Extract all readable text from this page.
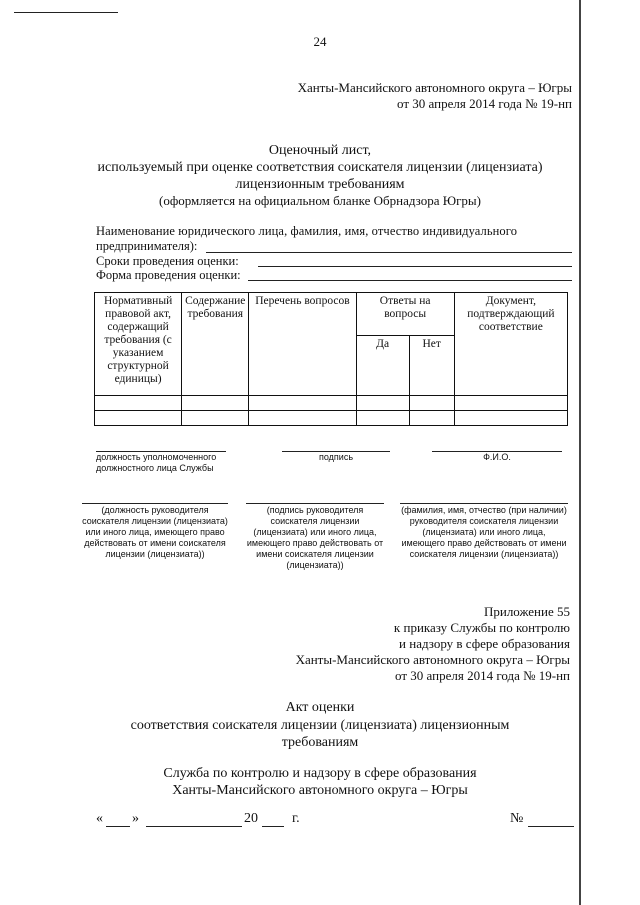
24
Ханты-Мансийского автономного округа – Югры
от 30 апреля 2014 года № 19-нп
Оценочный лист,
используемый при оценке соответствия соискателя лицензии (лицензиата)
лицензионным требованиям
(оформляется на официальном бланке Обрнадзора Югры)
Наименование юридического лица, фамилия, имя, отчество индивидуального
предпринимателя):
Сроки проведения оценки:
Форма проведения оценки:
Нормативный правовой акт, содержащий требования (с указанием структурной единицы)	Содержание требования	Перечень вопросов	Ответы на вопросы		Документ, подтверждающий соответствие
			Да	Нет	

должность уполномоченного должностного лица Службы
подпись	Ф.И.О.
(должность руководителя соискателя лицензии (лицензиата) или иного лица, имеющего право действовать от имени соискателя лицензии (лицензиата))
(подпись руководителя соискателя лицензии (лицензиата) или иного лица, имеющего право действовать от имени соискателя лицензии (лицензиата))
(фамилия, имя, отчество (при наличии) руководителя соискателя лицензии (лицензиата) или иного лица, имеющего право действовать от имени соискателя лицензии (лицензиата))
Приложение 55
к приказу Службы по контролю
и надзору в сфере образования
Ханты-Мансийского автономного округа – Югры
от 30 апреля 2014 года № 19-нп
Акт оценки
соответствия соискателя лицензии (лицензиата) лицензионным
требованиям
Служба по контролю и надзору в сфере образования
Ханты-Мансийского автономного округа – Югры
« »	20 г.	№
